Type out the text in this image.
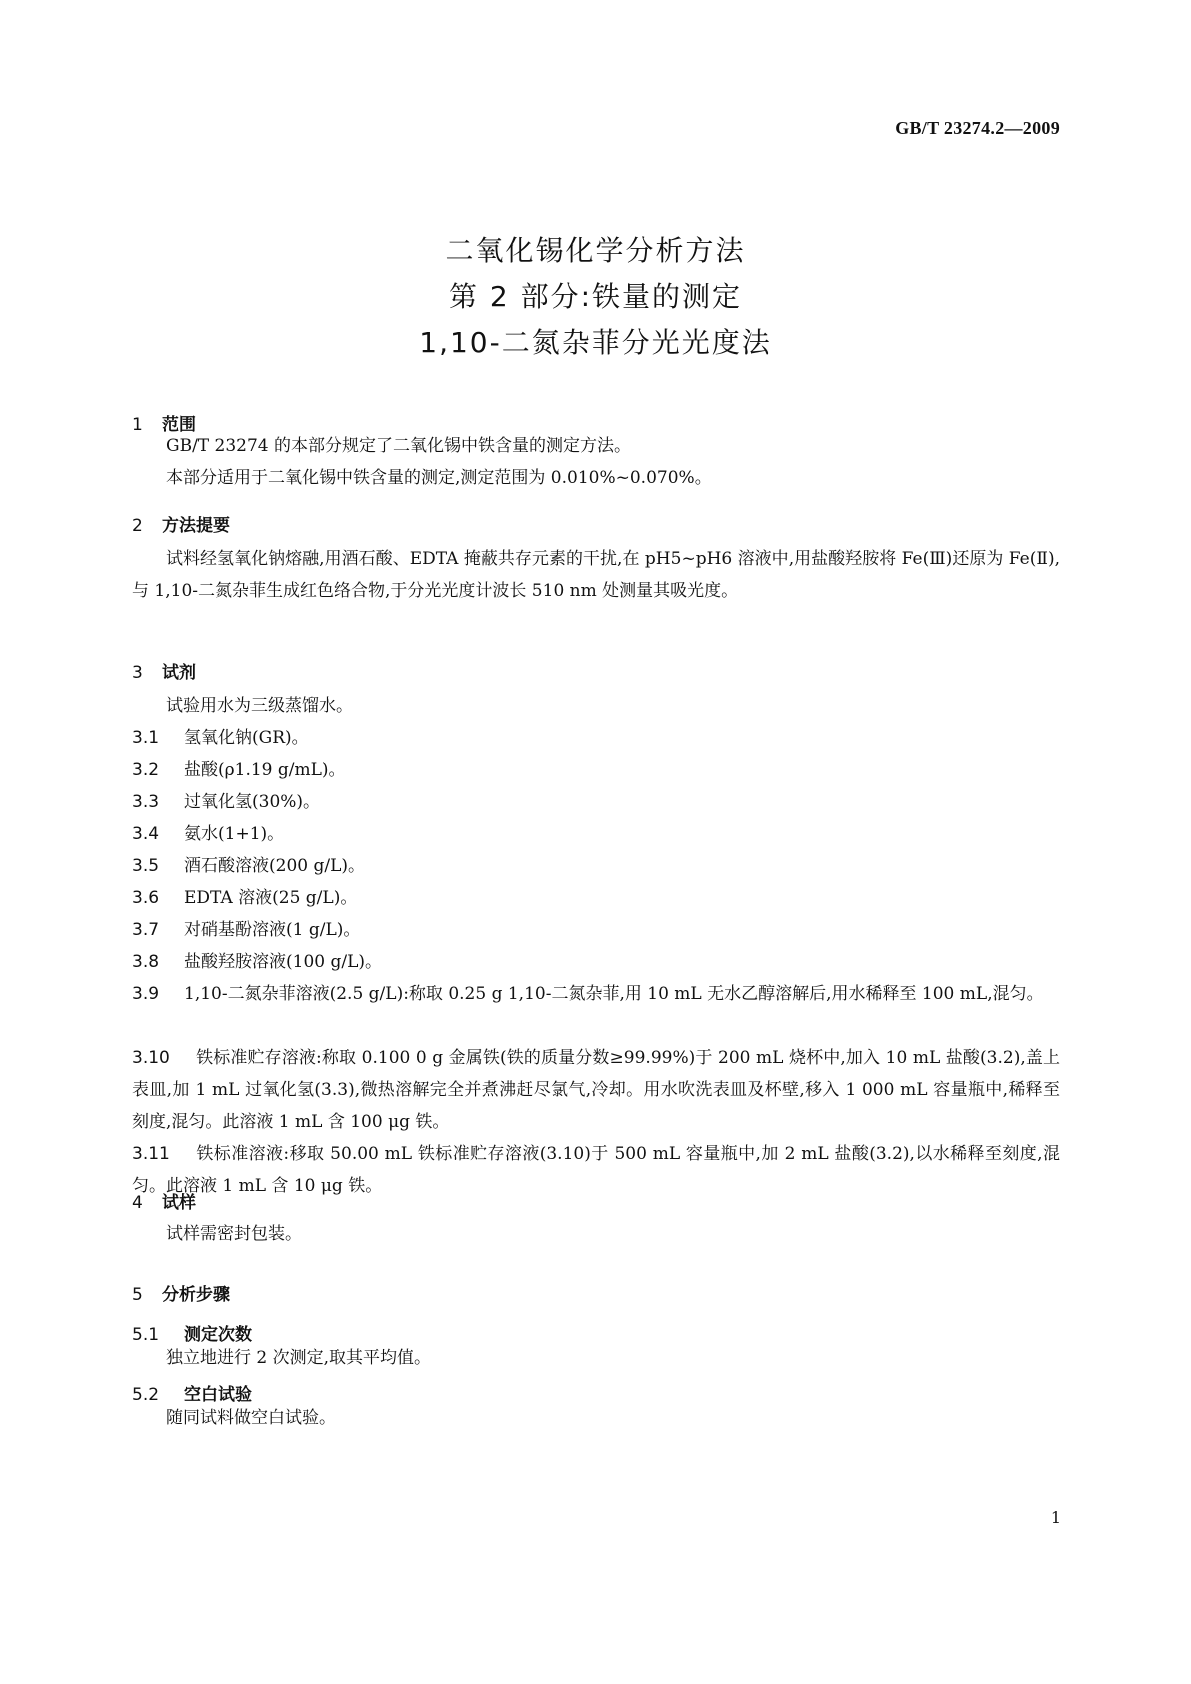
GB/T 23274.2—2009
二氧化锡化学分析方法
第 2 部分:铁量的测定
1,10-二氮杂菲分光光度法
1 范围
GB/T 23274 的本部分规定了二氧化锡中铁含量的测定方法。
本部分适用于二氧化锡中铁含量的测定,测定范围为 0.010%~0.070%。
2 方法提要
试料经氢氧化钠熔融,用酒石酸、EDTA 掩蔽共存元素的干扰,在 pH5~pH6 溶液中,用盐酸羟胺将 Fe(Ⅲ)还原为 Fe(Ⅱ),与 1,10-二氮杂菲生成红色络合物,于分光光度计波长 510 nm 处测量其吸光度。
3 试剂
试验用水为三级蒸馏水。
3.1 氢氧化钠(GR)。
3.2 盐酸(ρ1.19 g/mL)。
3.3 过氧化氢(30%)。
3.4 氨水(1+1)。
3.5 酒石酸溶液(200 g/L)。
3.6 EDTA 溶液(25 g/L)。
3.7 对硝基酚溶液(1 g/L)。
3.8 盐酸羟胺溶液(100 g/L)。
3.9 1,10-二氮杂菲溶液(2.5 g/L):称取 0.25 g 1,10-二氮杂菲,用 10 mL 无水乙醇溶解后,用水稀释至 100 mL,混匀。
3.10 铁标准贮存溶液:称取 0.100 0 g 金属铁(铁的质量分数≥99.99%)于 200 mL 烧杯中,加入 10 mL 盐酸(3.2),盖上表皿,加 1 mL 过氧化氢(3.3),微热溶解完全并煮沸赶尽氯气,冷却。用水吹洗表皿及杯壁,移入 1 000 mL 容量瓶中,稀释至刻度,混匀。此溶液 1 mL 含 100 μg 铁。
3.11 铁标准溶液:移取 50.00 mL 铁标准贮存溶液(3.10)于 500 mL 容量瓶中,加 2 mL 盐酸(3.2),以水稀释至刻度,混匀。此溶液 1 mL 含 10 μg 铁。
4 试样
试样需密封包装。
5 分析步骤
5.1 测定次数
独立地进行 2 次测定,取其平均值。
5.2 空白试验
随同试料做空白试验。
1
